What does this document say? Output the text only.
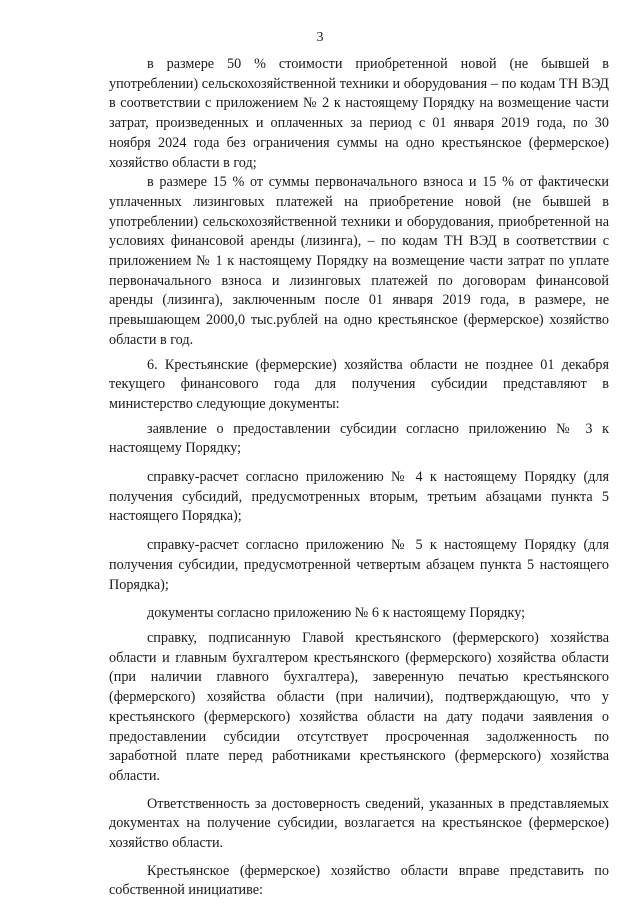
3

в размере 50 % стоимости приобретенной новой (не бывшей в употреблении) сельскохозяйственной техники и оборудования – по кодам ТН ВЭД в соответствии с приложением № 2 к настоящему Порядку на возмещение части затрат, произведенных и оплаченных за период с 01 января 2019 года, по 30 ноября 2024 года без ограничения суммы на одно крестьянское (фермерское) хозяйство области в год;

в размере 15 % от суммы первоначального взноса и 15 % от фактически уплаченных лизинговых платежей на приобретение новой (не бывшей в употреблении) сельскохозяйственной техники и оборудования, приобретенной на условиях финансовой аренды (лизинга), – по кодам ТН ВЭД в соответствии с приложением № 1 к настоящему Порядку на возмещение части затрат по уплате первоначального взноса и лизинговых платежей по договорам финансовой аренды (лизинга), заключенным после 01 января 2019 года, в размере, не превышающем 2000,0 тыс.рублей на одно крестьянское (фермерское) хозяйство области в год.

6. Крестьянские (фермерские) хозяйства области не позднее 01 декабря текущего финансового года для получения субсидии представляют в министерство следующие документы:

заявление о предоставлении субсидии согласно приложению № 3 к настоящему Порядку;

справку-расчет согласно приложению № 4 к настоящему Порядку (для получения субсидий, предусмотренных вторым, третьим абзацами пункта 5 настоящего Порядка);

справку-расчет согласно приложению № 5 к настоящему Порядку (для получения субсидии, предусмотренной четвертым абзацем пункта 5 настоящего Порядка);

документы согласно приложению № 6 к настоящему Порядку;

справку, подписанную Главой крестьянского (фермерского) хозяйства области и главным бухгалтером крестьянского (фермерского) хозяйства области (при наличии главного бухгалтера), заверенную печатью крестьянского (фермерского) хозяйства области (при наличии), подтверждающую, что у крестьянского (фермерского) хозяйства области на дату подачи заявления о предоставлении субсидии отсутствует просроченная задолженность по заработной плате перед работниками крестьянского (фермерского) хозяйства области.

Ответственность за достоверность сведений, указанных в представляемых документах на получение субсидии, возлагается на крестьянское (фермерское) хозяйство области.

Крестьянское (фермерское) хозяйство области вправе представить по собственной инициативе:
